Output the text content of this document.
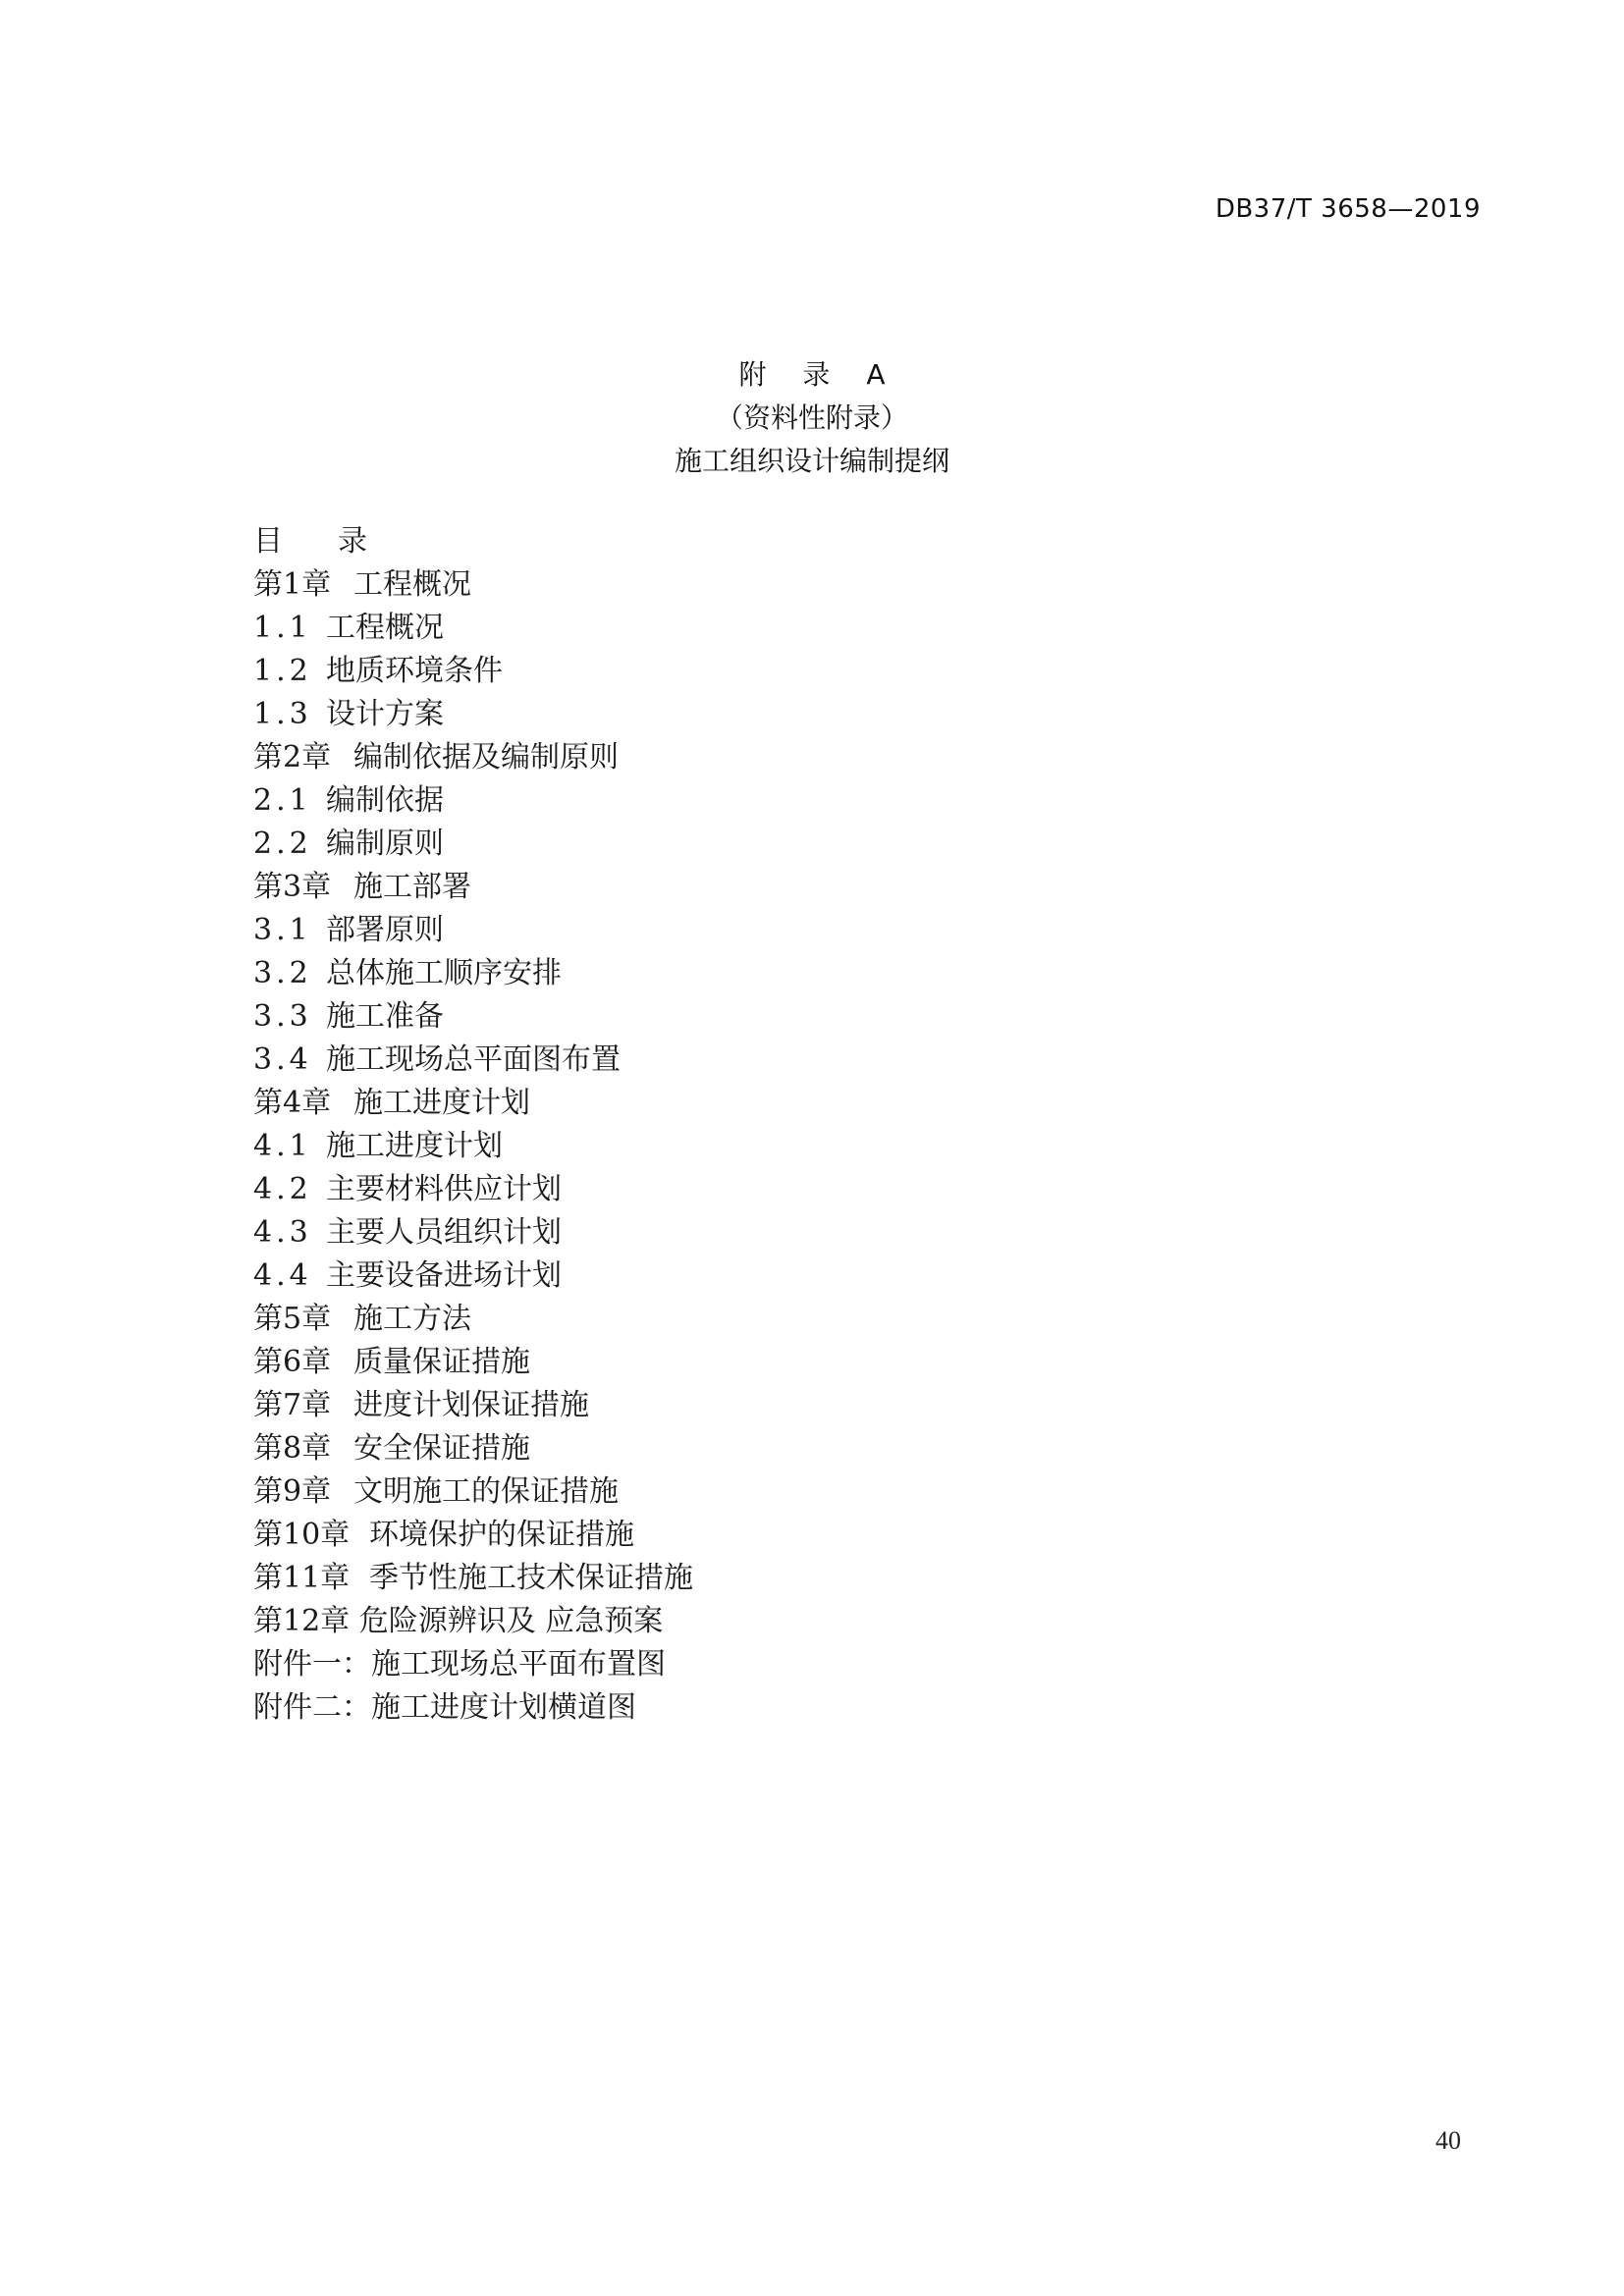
DB37/T 3658—2019
附 录 A
（资料性附录）
施工组织设计编制提纲
目 录
第1章 工程概况
1.1 工程概况
1.2 地质环境条件
1.3 设计方案
第2章 编制依据及编制原则
2.1 编制依据
2.2 编制原则
第3章 施工部署
3.1 部署原则
3.2 总体施工顺序安排
3.3 施工准备
3.4 施工现场总平面图布置
第4章 施工进度计划
4.1 施工进度计划
4.2 主要材料供应计划
4.3 主要人员组织计划
4.4 主要设备进场计划
第5章 施工方法
第6章 质量保证措施
第7章 进度计划保证措施
第8章 安全保证措施
第9章 文明施工的保证措施
第10章 环境保护的保证措施
第11章 季节性施工技术保证措施
第12章 危险源辨识及 应急预案
附件一：施工现场总平面布置图
附件二：施工进度计划横道图
40
